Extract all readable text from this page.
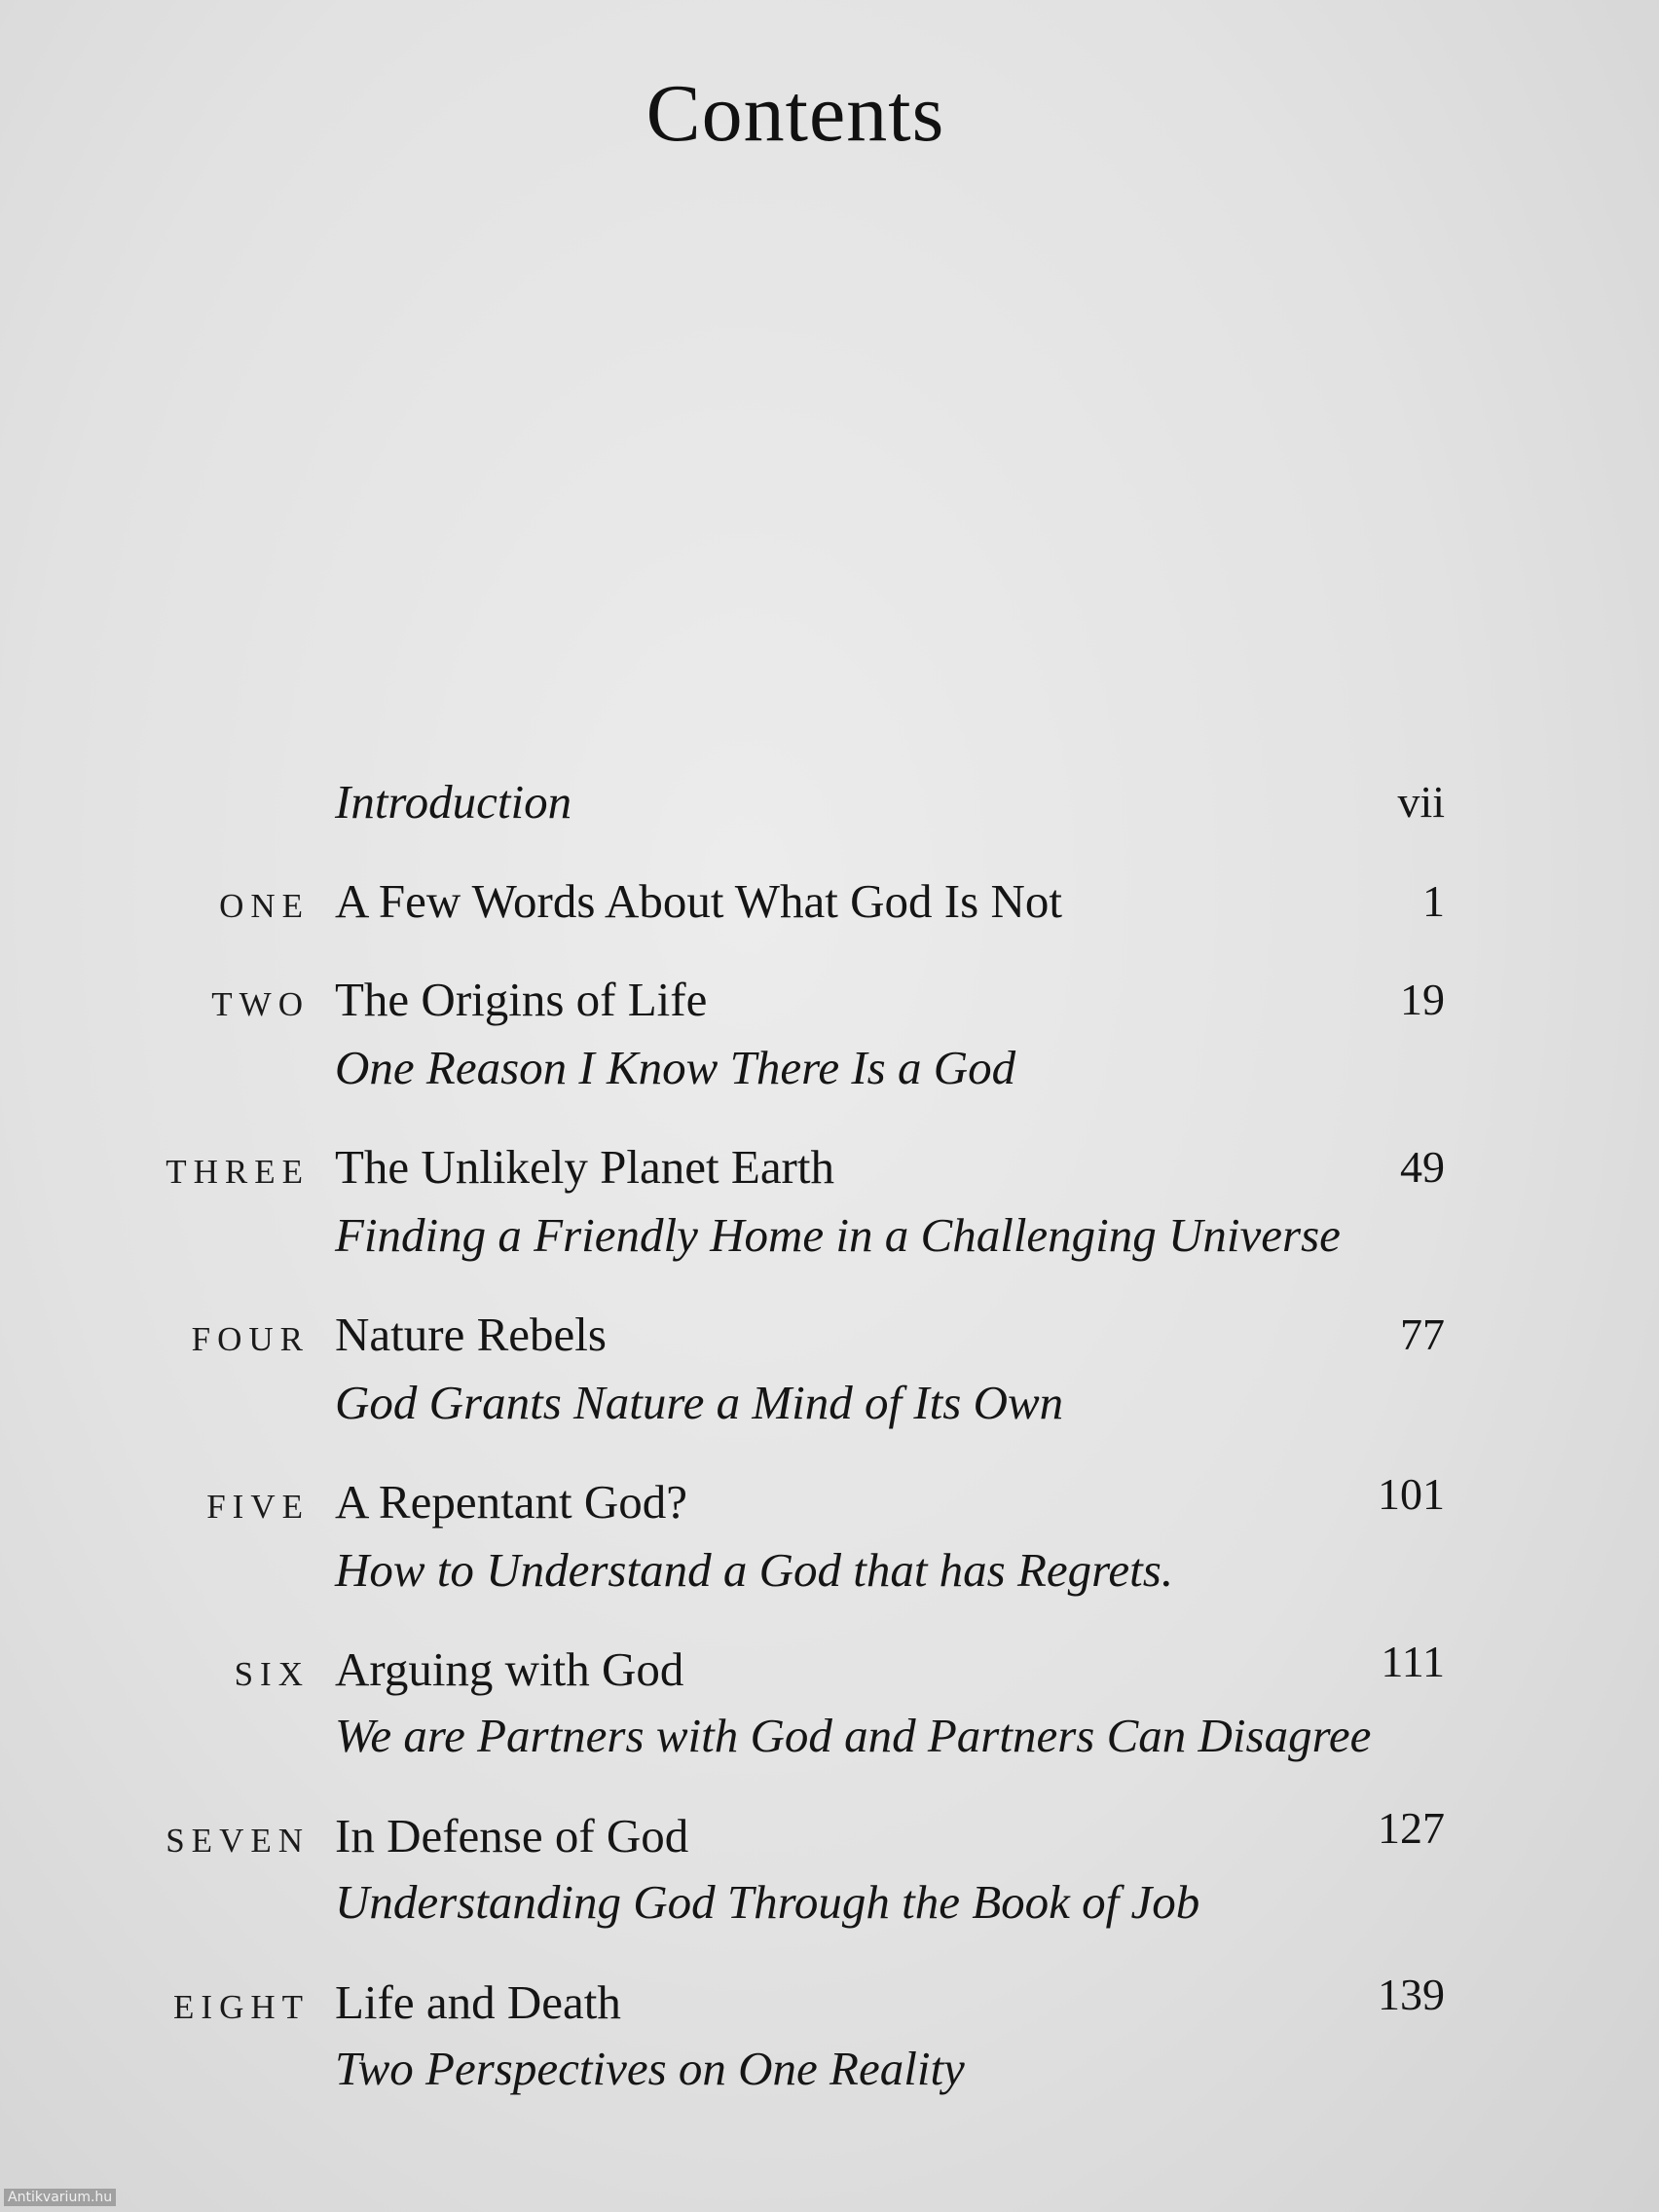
Contents
Introduction	vii
ONE A Few Words About What God Is Not	1
TWO The Origins of Life	19
One Reason I Know There Is a God
THREE The Unlikely Planet Earth	49
Finding a Friendly Home in a Challenging Universe
FOUR Nature Rebels	77
God Grants Nature a Mind of Its Own
FIVE A Repentant God?	101
How to Understand a God that has Regrets.
SIX Arguing with God	111
We are Partners with God and Partners Can Disagree
SEVEN In Defense of God	127
Understanding God Through the Book of Job
EIGHT Life and Death	139
Two Perspectives on One Reality
Antikvarium.hu
